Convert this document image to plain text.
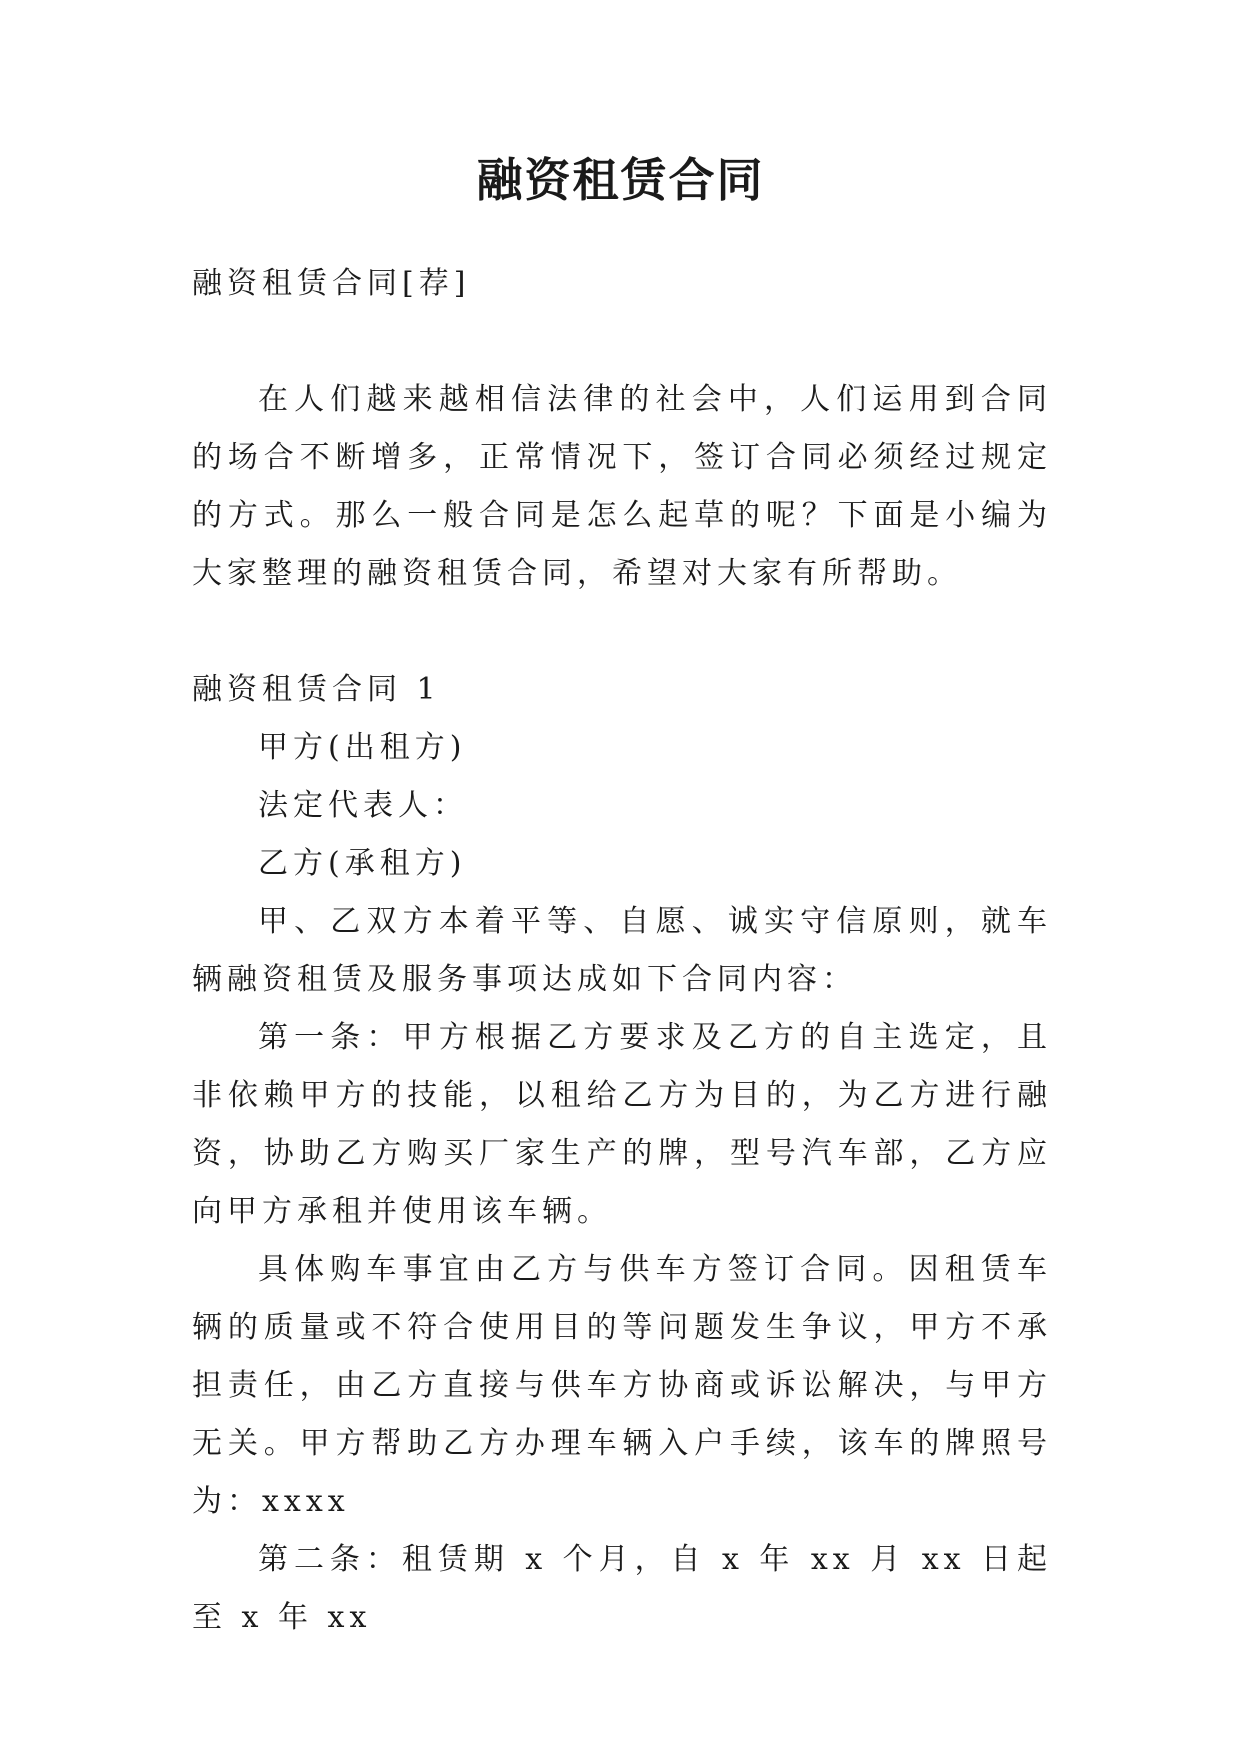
融资租赁合同

融资租赁合同[荐]

在人们越来越相信法律的社会中，人们运用到合同的场合不断增多，正常情况下，签订合同必须经过规定的方式。那么一般合同是怎么起草的呢？下面是小编为大家整理的融资租赁合同，希望对大家有所帮助。

融资租赁合同 1

甲方(出租方)

法定代表人：

乙方(承租方)

甲、乙双方本着平等、自愿、诚实守信原则，就车辆融资租赁及服务事项达成如下合同内容：

第一条：甲方根据乙方要求及乙方的自主选定，且非依赖甲方的技能，以租给乙方为目的，为乙方进行融资，协助乙方购买厂家生产的牌，型号汽车部，乙方应向甲方承租并使用该车辆。

具体购车事宜由乙方与供车方签订合同。因租赁车辆的质量或不符合使用目的等问题发生争议，甲方不承担责任，由乙方直接与供车方协商或诉讼解决，与甲方无关。甲方帮助乙方办理车辆入户手续，该车的牌照号为：xxxx

第二条：租赁期 x 个月，自 x 年 xx 月 xx 日起至 x 年 xx
